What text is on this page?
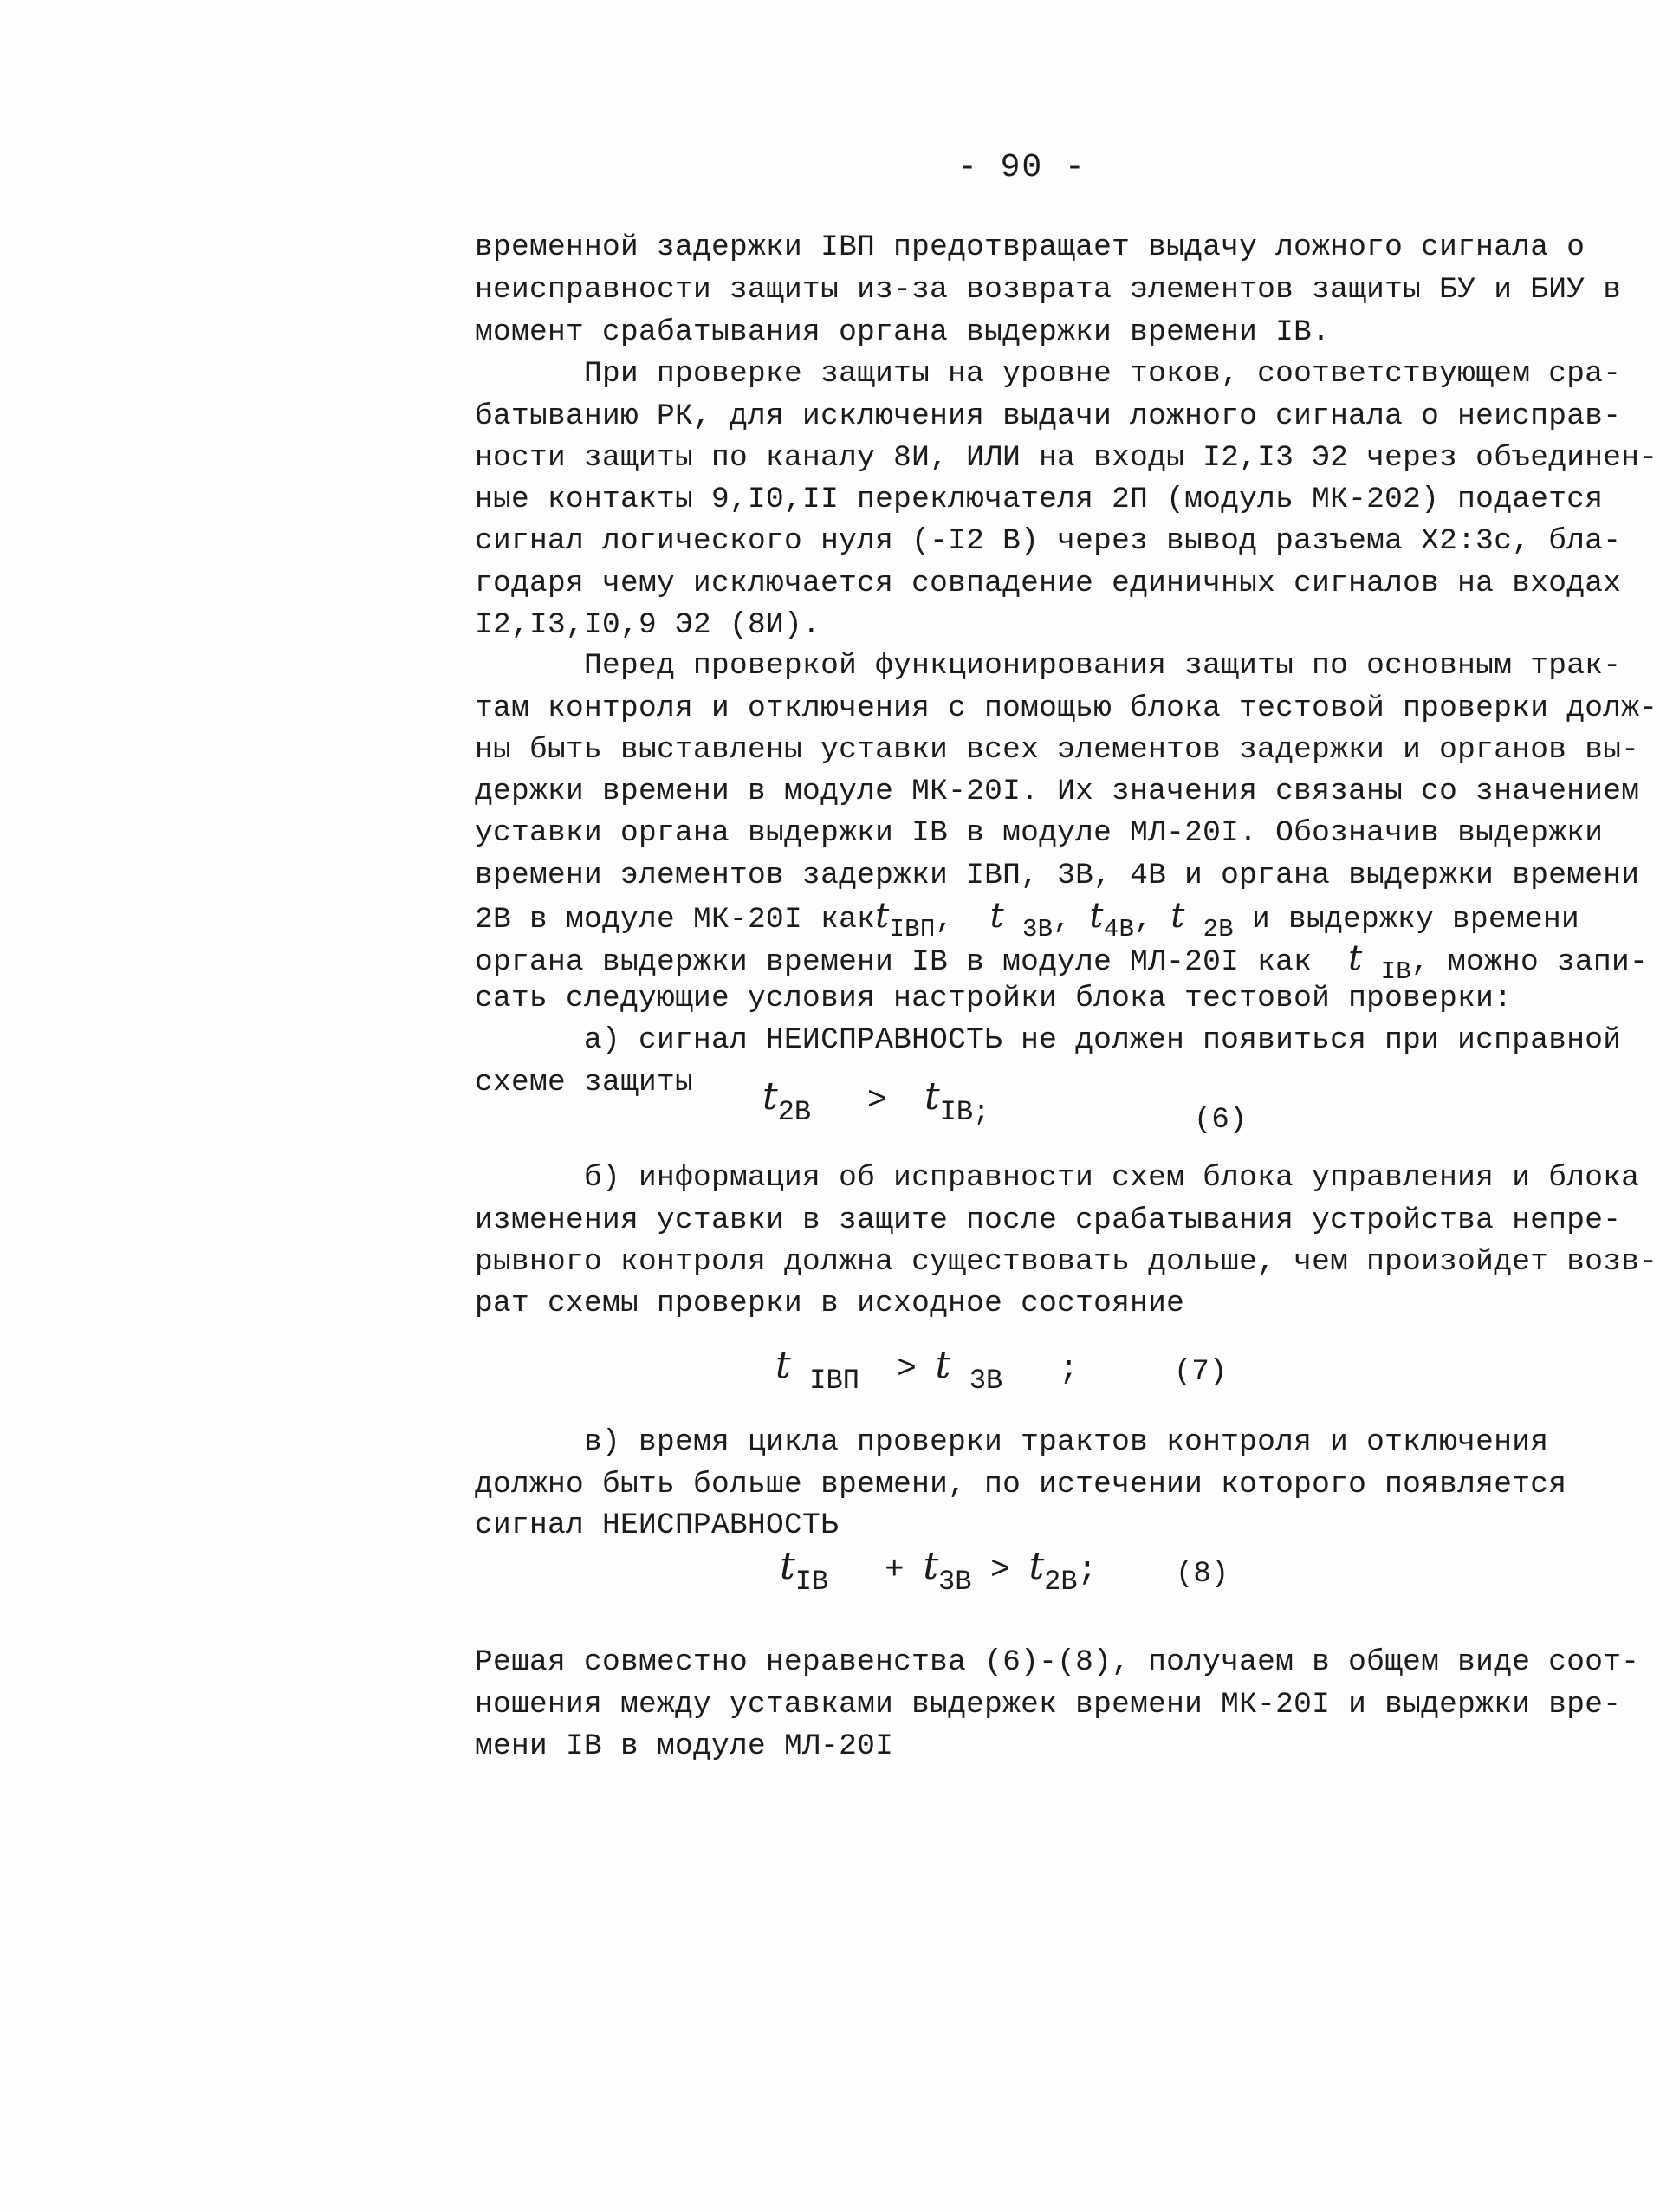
- 90 -
временной задержки IВП предотвращает выдачу ложного сигнала о
неисправности защиты из-за возврата элементов защиты БУ и БИУ в
момент срабатывания органа выдержки времени IВ.
При проверке защиты на уровне токов, соответствующем сра-
батыванию РК, для исключения выдачи ложного сигнала о неисправ-
ности защиты по каналу 8И, ИЛИ на входы I2,I3 Э2 через объединен-
ные контакты 9,I0,II переключателя 2П (модуль МК-202) подается
сигнал логического нуля (-I2 В) через вывод разъема Х2:3с, бла-
годаря чему исключается совпадение единичных сигналов на входах
I2,I3,I0,9 Э2 (8И).
Перед проверкой функционирования защиты по основным трак-
там контроля и отключения с помощью блока тестовой проверки долж-
ны быть выставлены уставки всех элементов задержки и органов вы-
держки времени в модуле МК-20I. Их значения связаны со значением
уставки органа выдержки IВ в модуле МЛ-20I. Обозначив выдержки
времени элементов задержки IВП, 3В, 4В и органа выдержки времени
2В в модуле МК-20I какt$_{IВП}$,  t $_{3В}$, $t_{4В}$, t $_{2В}$ и выдержку времени
органа выдержки времени IВ в модуле МЛ-20I как  t $_{IВ}$, можно запи-
сать следующие условия настройки блока тестовой проверки:
а) сигнал НЕИСПРАВНОСТЬ не должен появиться при исправной
схеме защиты t2В > tIВ;	(6)
б) информация об исправности схем блока управления и блока
изменения уставки в защите после срабатывания устройства непре-
рывного контроля должна существовать дольше, чем произойдет возв-
рат схемы проверки в исходное состояние
t IВП > t 3В ;	(7)
в) время цикла проверки трактов контроля и отключения
должно быть больше времени, по истечении которого появляется
сигнал НЕИСПРАВНОСТЬ
tIВ + t3В > t2В;	(8)
Решая совместно неравенства (6)-(8), получаем в общем виде соот-
ношения между уставками выдержек времени МК-20I и выдержки вре-
мени IВ в модуле МЛ-20I
